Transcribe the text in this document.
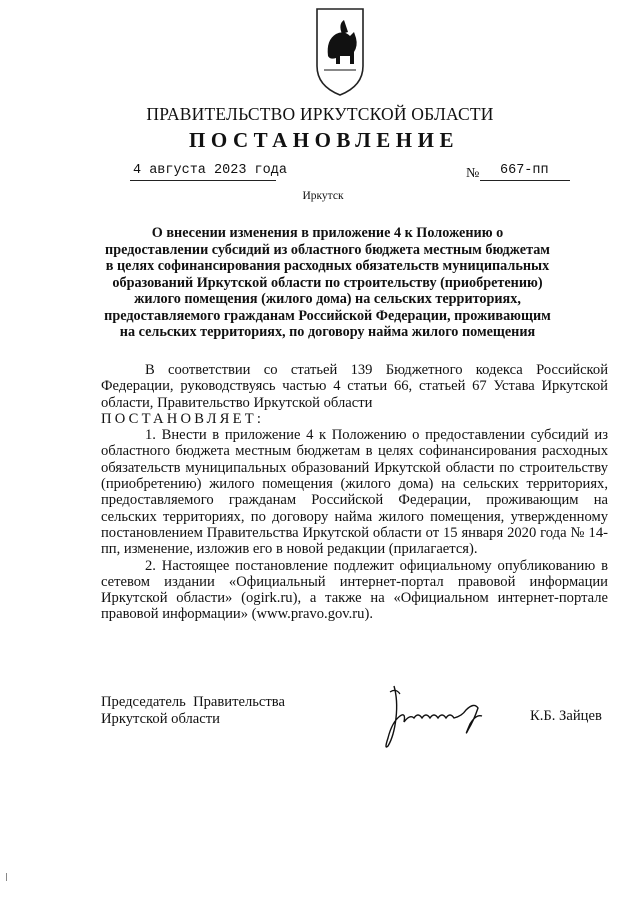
ПРАВИТЕЛЬСТВО ИРКУТСКОЙ ОБЛАСТИ
ПОСТАНОВЛЕНИЕ
4 августа 2023 года	№ 667-пп
Иркутск
О внесении изменения в приложение 4 к Положению о предоставлении субсидий из областного бюджета местным бюджетам в целях софинансирования расходных обязательств муниципальных образований Иркутской области по строительству (приобретению) жилого помещения (жилого дома) на сельских территориях, предоставляемого гражданам Российской Федерации, проживающим на сельских территориях, по договору найма жилого помещения

В соответствии со статьей 139 Бюджетного кодекса Российской Федерации, руководствуясь частью 4 статьи 66, статьей 67 Устава Иркутской области, Правительство Иркутской области

ПОСТАНОВЛЯЕТ:

1. Внести в приложение 4 к Положению о предоставлении субсидий из областного бюджета местным бюджетам в целях софинансирования расходных обязательств муниципальных образований Иркутской области по строительству (приобретению) жилого помещения (жилого дома) на сельских территориях, предоставляемого гражданам Российской Федерации, проживающим на сельских территориях, по договору найма жилого помещения, утвержденному постановлением Правительства Иркутской области от 15 января 2020 года № 14-пп, изменение, изложив его в новой редакции (прилагается).

2. Настоящее постановление подлежит официальному опубликованию в сетевом издании «Официальный интернет-портал правовой информации Иркутской области» (ogirk.ru), а также на «Официальном интернет-портале правовой информации» (www.pravo.gov.ru).

Председатель  Правительства
Иркутской области	К.Б. Зайцев
